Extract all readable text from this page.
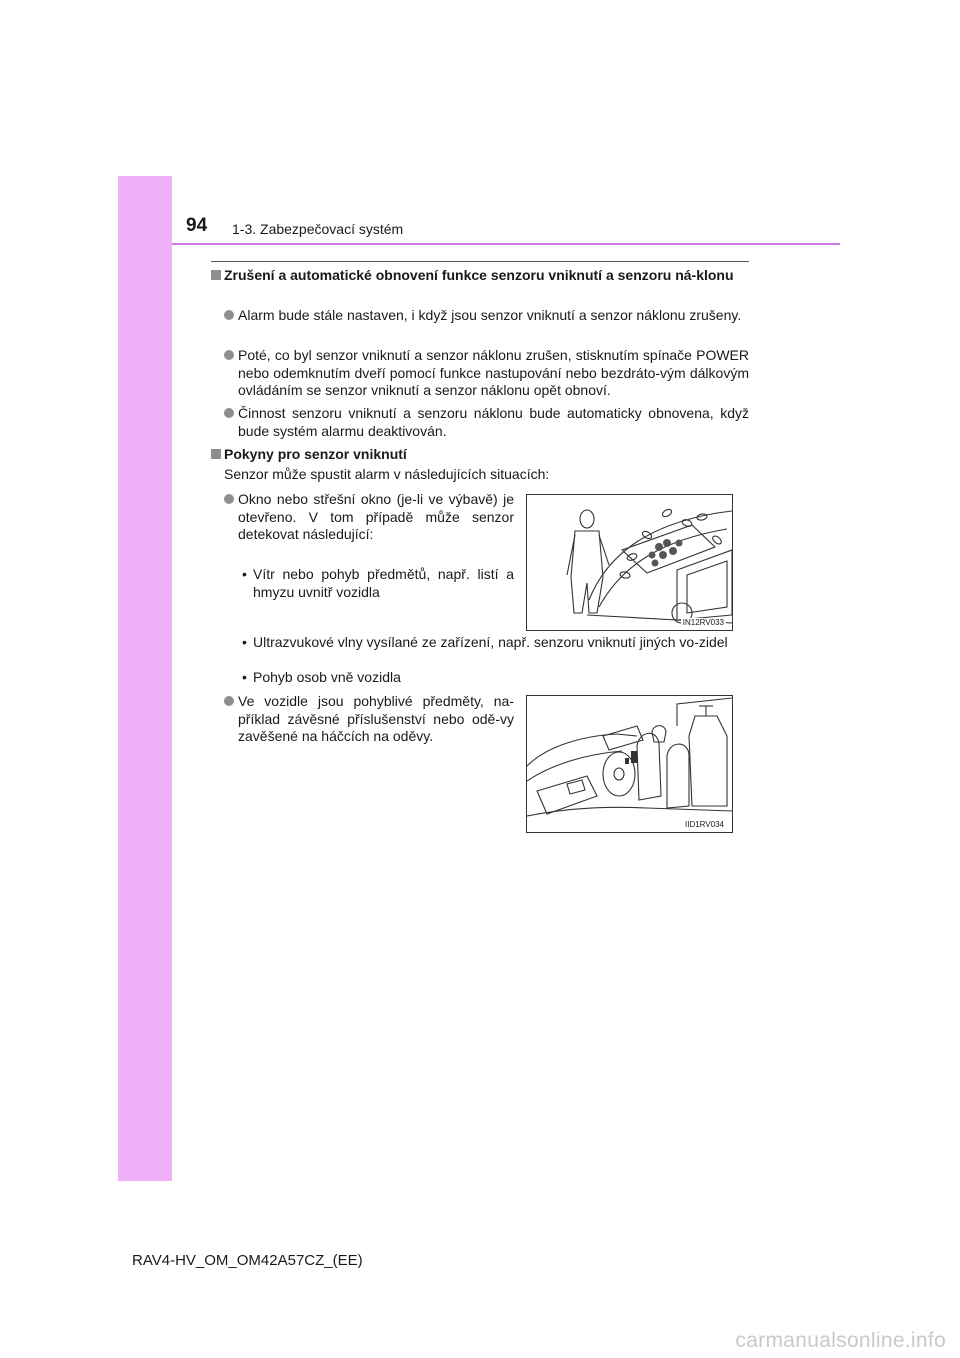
94 1-3. Zabezpečovací systém
Zrušení a automatické obnovení funkce senzoru vniknutí a senzoru ná-klonu
Alarm bude stále nastaven, i když jsou senzor vniknutí a senzor náklonu zrušeny.
Poté, co byl senzor vniknutí a senzor náklonu zrušen, stisknutím spínače POWER nebo odemknutím dveří pomocí funkce nastupování nebo bezdráto-vým dálkovým ovládáním se senzor vniknutí a senzor náklonu opět obnoví.
Činnost senzoru vniknutí a senzoru náklonu bude automaticky obnovena, když bude systém alarmu deaktivován.
Pokyny pro senzor vniknutí
Senzor může spustit alarm v následujících situacích:
Okno nebo střešní okno (je-li ve výbavě) je otevřeno. V tom případě může senzor detekovat následující:
• Vítr nebo pohyb předmětů, např. listí a hmyzu uvnitř vozidla
IN12RV033
• Ultrazvukové vlny vysílané ze zařízení, např. senzoru vniknutí jiných vo-zidel
• Pohyb osob vně vozidla
Ve vozidle jsou pohyblivé předměty, na-příklad závěsné příslušenství nebo odě-vy zavěšené na háčcích na oděvy.
IID1RV034
RAV4-HV_OM_OM42A57CZ_(EE)
carmanualsonline.info
